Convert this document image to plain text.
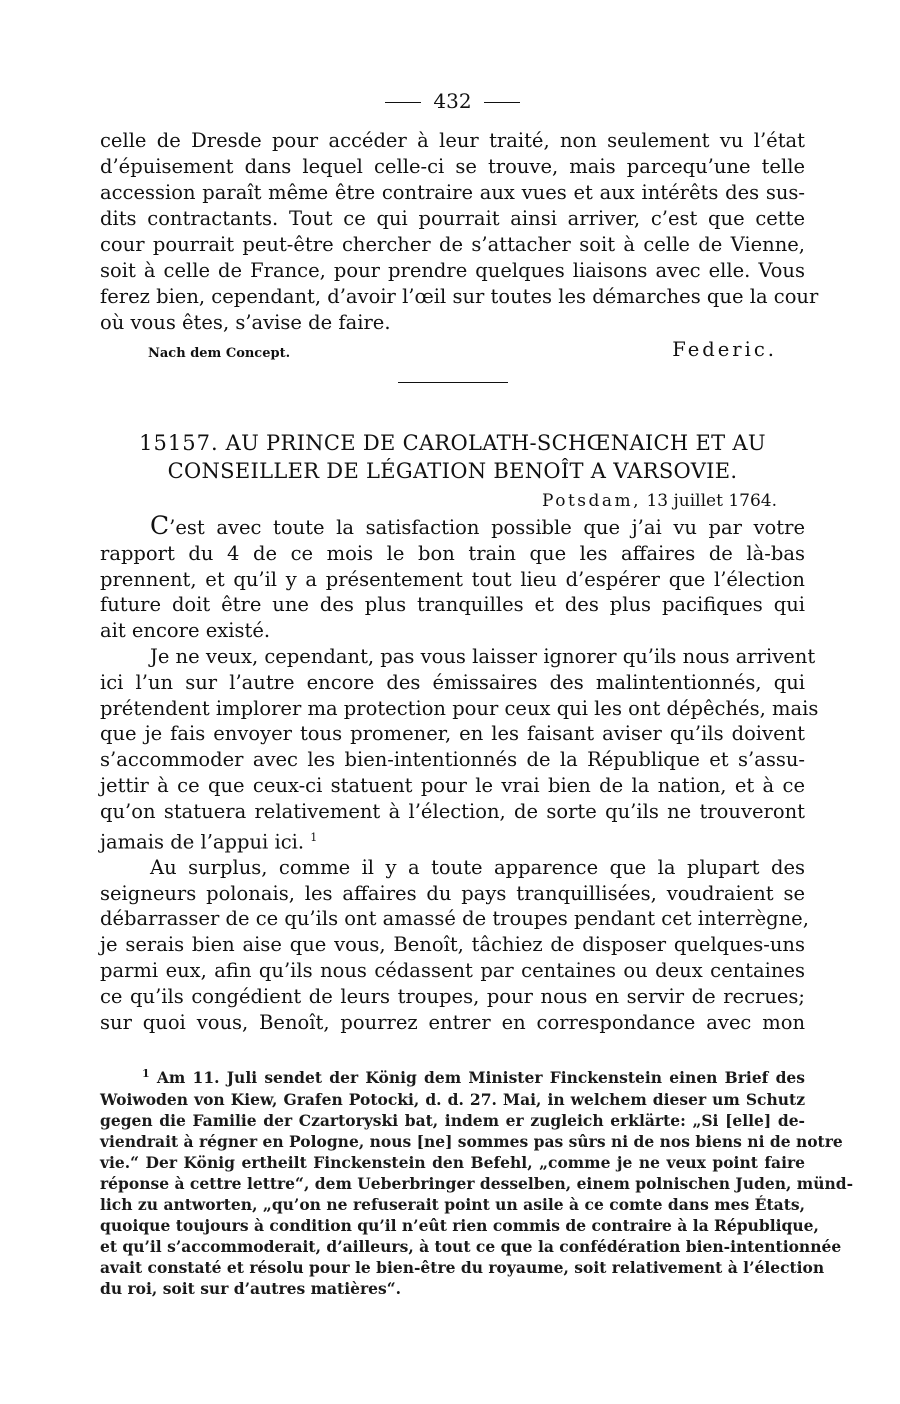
432
celle de Dresde pour accéder à leur traité, non seulement vu l’état
d’épuisement dans lequel celle-ci se trouve, mais parcequ’une telle
accession paraît même être contraire aux vues et aux intérêts des sus-
dits contractants. Tout ce qui pourrait ainsi arriver, c’est que cette
cour pourrait peut-être chercher de s’attacher soit à celle de Vienne,
soit à celle de France, pour prendre quelques liaisons avec elle. Vous
ferez bien, cependant, d’avoir l’œil sur toutes les démarches que la cour
où vous êtes, s’avise de faire.
Nach dem Concept.	Federic.
15157. AU PRINCE DE CAROLATH-SCHŒNAICH ET AU
CONSEILLER DE LÉGATION BENOÎT A VARSOVIE.
Potsdam, 13 juillet 1764.
C’est avec toute la satisfaction possible que j’ai vu par votre
rapport du 4 de ce mois le bon train que les affaires de là-bas
prennent, et qu’il y a présentement tout lieu d’espérer que l’élection
future doit être une des plus tranquilles et des plus pacifiques qui
ait encore existé.
Je ne veux, cependant, pas vous laisser ignorer qu’ils nous arrivent
ici l’un sur l’autre encore des émissaires des malintentionnés, qui
prétendent implorer ma protection pour ceux qui les ont dépêchés, mais
que je fais envoyer tous promener, en les faisant aviser qu’ils doivent
s’accommoder avec les bien-intentionnés de la République et s’assu-
jettir à ce que ceux-ci statuent pour le vrai bien de la nation, et à ce
qu’on statuera relativement à l’élection, de sorte qu’ils ne trouveront
jamais de l’appui ici. $^1$
Au surplus, comme il y a toute apparence que la plupart des
seigneurs polonais, les affaires du pays tranquillisées, voudraient se
débarrasser de ce qu’ils ont amassé de troupes pendant cet interrègne,
je serais bien aise que vous, Benoît, tâchiez de disposer quelques-uns
parmi eux, afin qu’ils nous cédassent par centaines ou deux centaines
ce qu’ils congédient de leurs troupes, pour nous en servir de recrues;
sur quoi vous, Benoît, pourrez entrer en correspondance avec mon
$^1$ Am 11. Juli sendet der König dem Minister Finckenstein einen Brief des
Woiwoden von Kiew, Grafen Potocki, d. d. 27. Mai, in welchem dieser um Schutz
gegen die Familie der Czartoryski bat, indem er zugleich erklärte: „Si [elle] de-
viendrait à régner en Pologne, nous [ne] sommes pas sûrs ni de nos biens ni de notre
vie.“ Der König ertheilt Finckenstein den Befehl, „comme je ne veux point faire
réponse à cettre lettre“, dem Ueberbringer desselben, einem polnischen Juden, münd-
lich zu antworten, „qu’on ne refuserait point un asile à ce comte dans mes États,
quoique toujours à condition qu’il n’eût rien commis de contraire à la République,
et qu’il s’accommoderait, d’ailleurs, à tout ce que la confédération bien-intentionnée
avait constaté et résolu pour le bien-être du royaume, soit relativement à l’élection
du roi, soit sur d’autres matières“.
